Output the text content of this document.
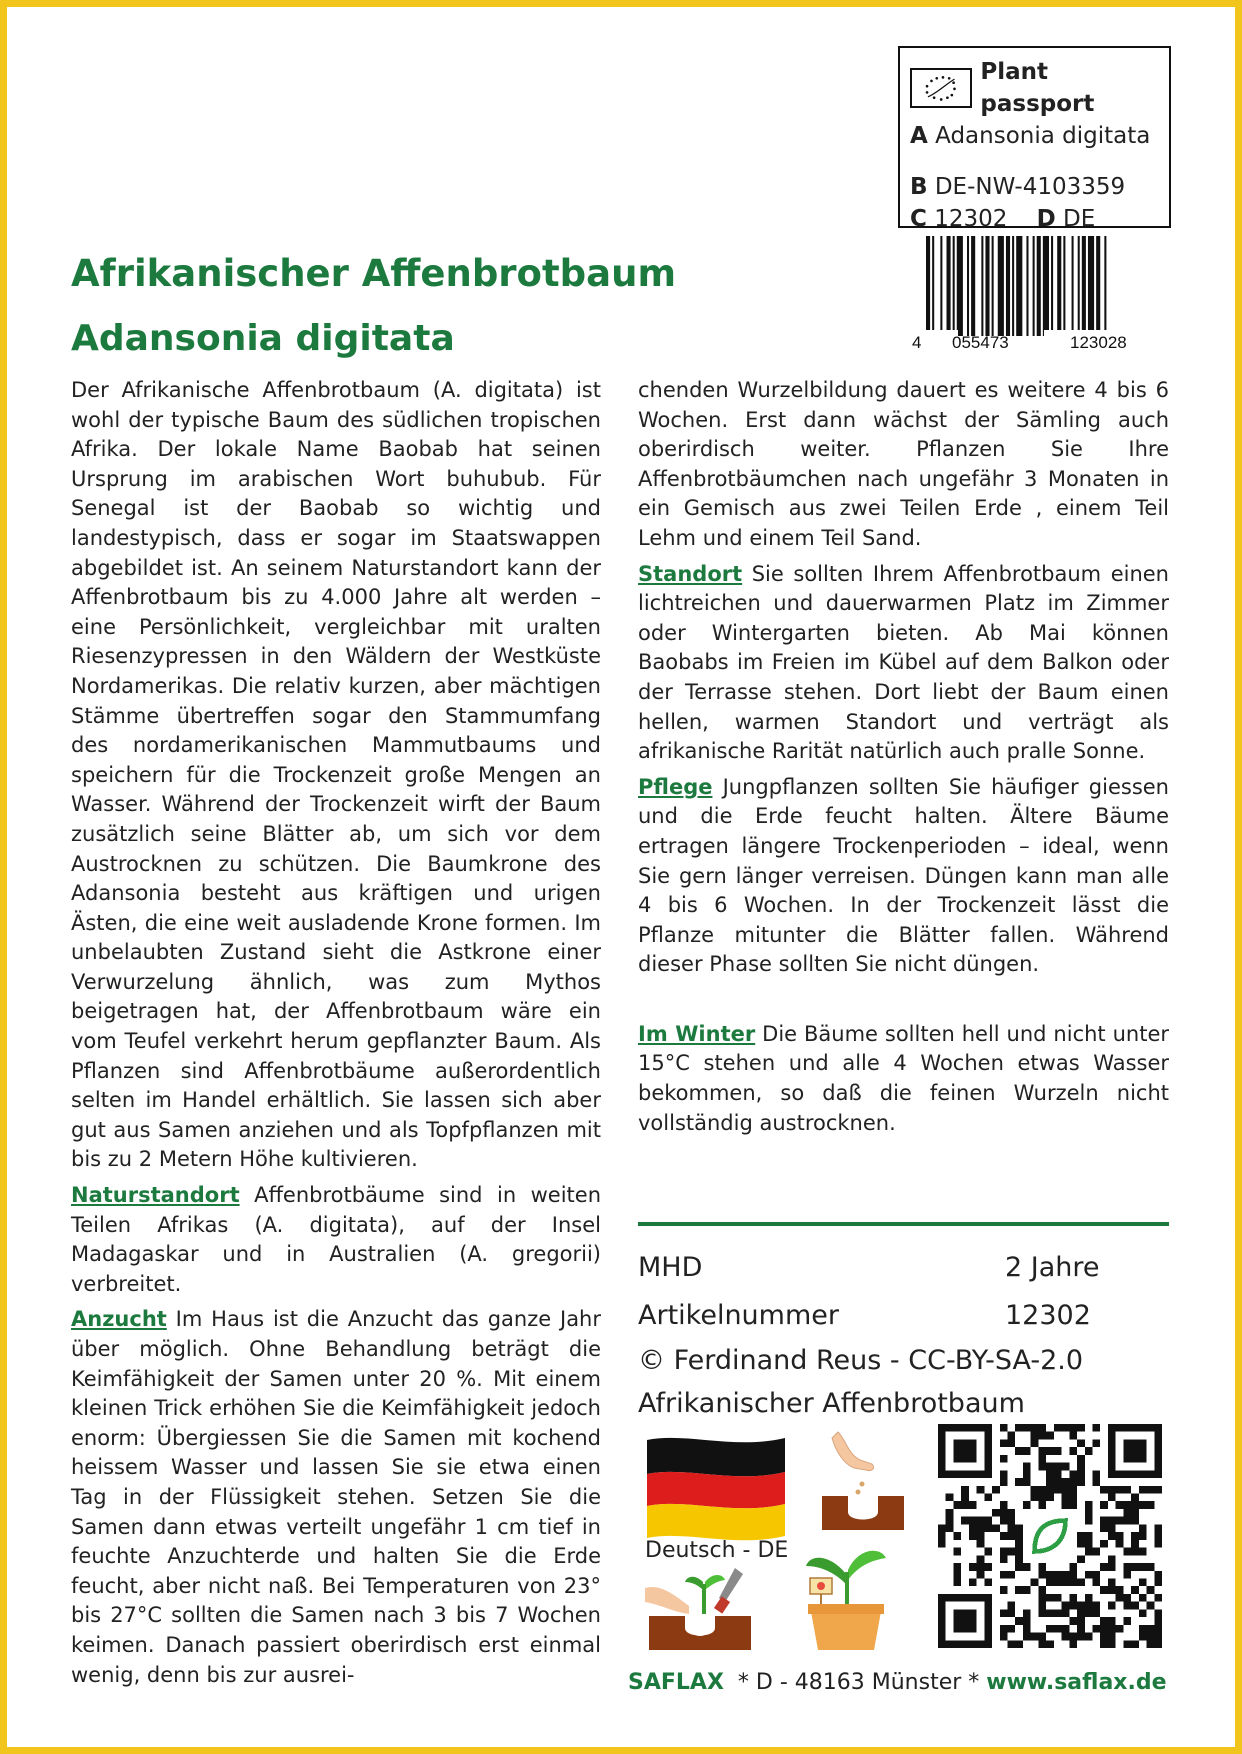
Plant passport
A Adansonia digitata
B DE-NW-4103359
C 12302 D DE
4 055473	123028
Afrikanischer Affenbrotbaum
Adansonia digitata

Der Afrikanische Affenbrotbaum (A. digitata) ist wohl der typische Baum des südlichen tropischen Afrika. Der lokale Name Baobab hat seinen Ursprung im arabischen Wort buhubub. Für Senegal ist der Baobab so wichtig und landestypisch, dass er sogar im Staatswappen abgebildet ist. An seinem Naturstandort kann der Affenbrotbaum bis zu 4.000 Jahre alt werden – eine Persönlichkeit, vergleichbar mit uralten Riesenzypressen in den Wäldern der Westküste Nordamerikas. Die relativ kurzen, aber mächtigen Stämme übertreffen sogar den Stammumfang des nordamerikanischen Mammutbaums und speichern für die Trockenzeit große Mengen an Wasser. Während der Trockenzeit wirft der Baum zusätzlich seine Blätter ab, um sich vor dem Austrocknen zu schützen. Die Baumkrone des Adansonia besteht aus kräftigen und urigen Ästen, die eine weit ausladende Krone formen. Im unbelaubten Zustand sieht die Astkrone einer Verwurzelung ähnlich, was zum Mythos beigetragen hat, der Affenbrotbaum wäre ein vom Teufel verkehrt herum gepflanzter Baum. Als Pflanzen sind Affenbrotbäume außerordentlich selten im Handel erhältlich. Sie lassen sich aber gut aus Samen anziehen und als Topfpflanzen mit bis zu 2 Metern Höhe kultivieren.

Naturstandort Affenbrotbäume sind in weiten Teilen Afrikas (A. digitata), auf der Insel Madagaskar und in Australien (A. gregorii) verbreitet.

Anzucht Im Haus ist die Anzucht das ganze Jahr über möglich. Ohne Behandlung beträgt die Keimfähigkeit der Samen unter 20 %. Mit einem kleinen Trick erhöhen Sie die Keimfähigkeit jedoch enorm: Übergiessen Sie die Samen mit kochend heissem Wasser und lassen Sie sie etwa einen Tag in der Flüssigkeit stehen. Setzen Sie die Samen dann etwas verteilt ungefähr 1 cm tief in feuchte Anzuchterde und halten Sie die Erde feucht, aber nicht naß. Bei Temperaturen von 23° bis 27°C sollten die Samen nach 3 bis 7 Wochen keimen. Danach passiert oberirdisch erst einmal wenig, denn bis zur ausrei-

chenden Wurzelbildung dauert es weitere 4 bis 6 Wochen. Erst dann wächst der Sämling auch oberirdisch weiter. Pflanzen Sie Ihre Affenbrotbäumchen nach ungefähr 3 Monaten in ein Gemisch aus zwei Teilen Erde , einem Teil Lehm und einem Teil Sand.

Standort Sie sollten Ihrem Affenbrotbaum einen lichtreichen und dauerwarmen Platz im Zimmer oder Wintergarten bieten. Ab Mai können Baobabs im Freien im Kübel auf dem Balkon oder der Terrasse stehen. Dort liebt der Baum einen hellen, warmen Standort und verträgt als afrikanische Rarität natürlich auch pralle Sonne.

Pflege Jungpflanzen sollten Sie häufiger giessen und die Erde feucht halten. Ältere Bäume ertragen längere Trockenperioden – ideal, wenn Sie gern länger verreisen. Düngen kann man alle 4 bis 6 Wochen. In der Trockenzeit lässt die Pflanze mitunter die Blätter fallen. Während dieser Phase sollten Sie nicht düngen.

Im Winter Die Bäume sollten hell und nicht unter 15°C stehen und alle 4 Wochen etwas Wasser bekommen, so daß die feinen Wurzeln nicht vollständig austrocknen.

MHD	2 Jahre
Artikelnummer	12302
© Ferdinand Reus - CC-BY-SA-2.0
Afrikanischer Affenbrotbaum
Deutsch - DE
SAFLAX * D - 48163 Münster * www.saflax.de
